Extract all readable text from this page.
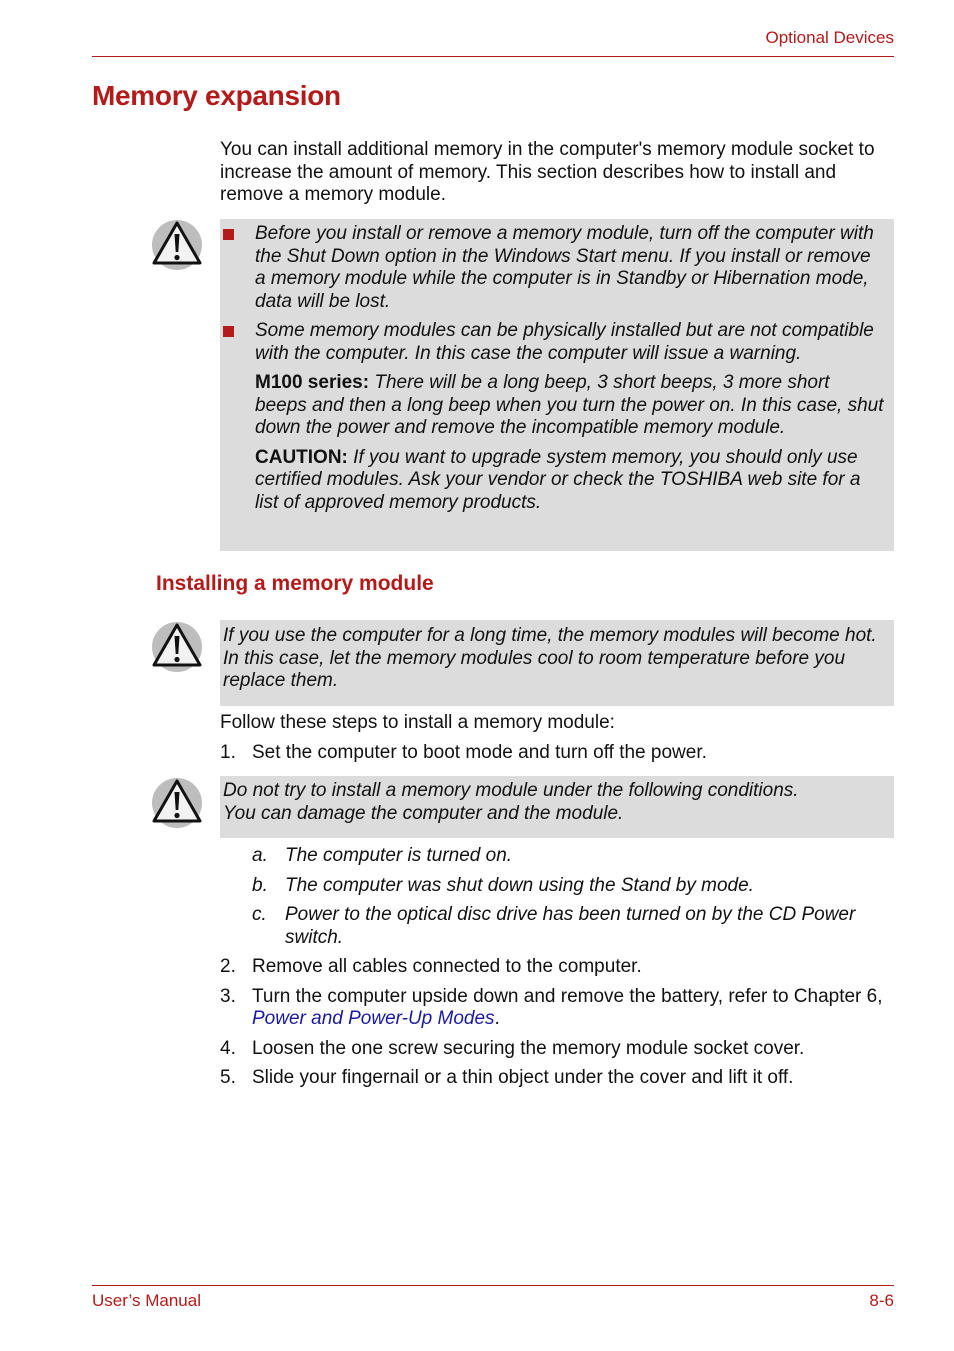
Optional Devices
Memory expansion

You can install additional memory in the computer's memory module socket to increase the amount of memory. This section describes how to install and remove a memory module.

Before you install or remove a memory module, turn off the computer with the Shut Down option in the Windows Start menu. If you install or remove a memory module while the computer is in Standby or Hibernation mode, data will be lost.

Some memory modules can be physically installed but are not compatible with the computer. In this case the computer will issue a warning.

M100 series: There will be a long beep, 3 short beeps, 3 more short beeps and then a long beep when you turn the power on. In this case, shut down the power and remove the incompatible memory module.

CAUTION: If you want to upgrade system memory, you should only use certified modules. Ask your vendor or check the TOSHIBA web site for a list of approved memory products.

Installing a memory module

If you use the computer for a long time, the memory modules will become hot. In this case, let the memory modules cool to room temperature before you replace them.

Follow these steps to install a memory module:

1. Set the computer to boot mode and turn off the power.

Do not try to install a memory module under the following conditions.

You can damage the computer and the module.

a. The computer is turned on.
b. The computer was shut down using the Stand by mode.
c. Power to the optical disc drive has been turned on by the CD Power switch.
2. Remove all cables connected to the computer.
3. Turn the computer upside down and remove the battery, refer to Chapter 6, Power and Power-Up Modes.
4. Loosen the one screw securing the memory module socket cover.
5. Slide your fingernail or a thin object under the cover and lift it off.
User’s Manual	8-6
